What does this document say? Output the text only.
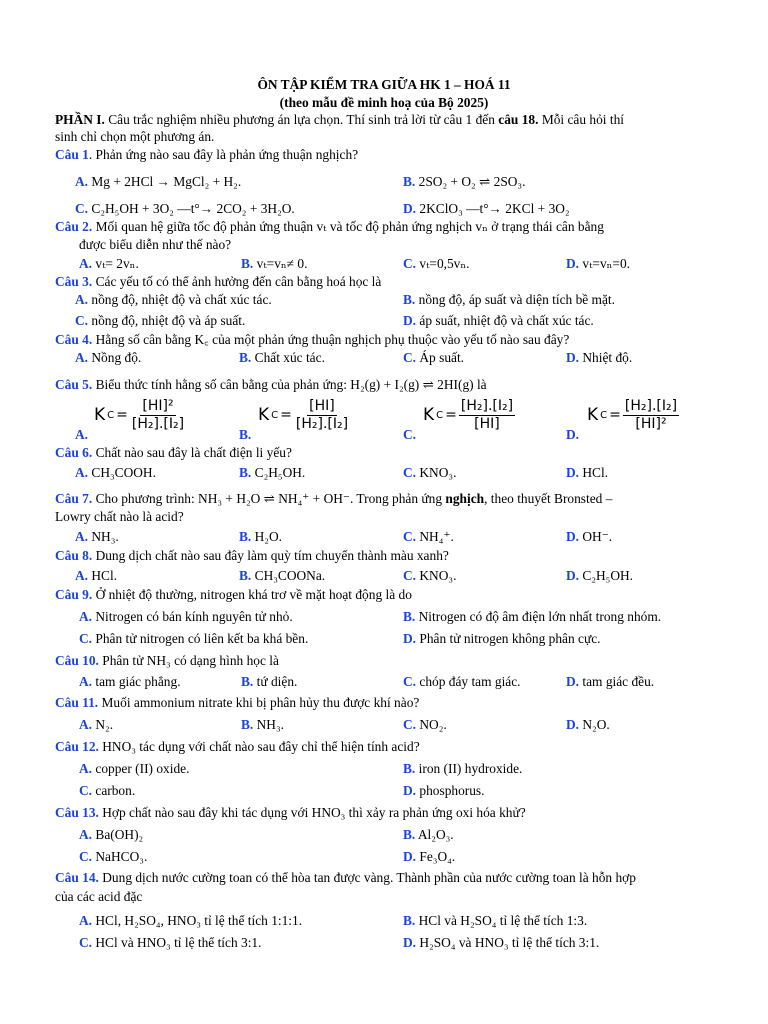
ÔN TẬP KIỂM TRA GIỮA HK 1 – HOÁ 11
(theo mẫu đề minh hoạ của Bộ 2025)
PHẦN I. Câu trắc nghiệm nhiều phương án lựa chọn. Thí sinh trả lời từ câu 1 đến câu 18. Mỗi câu hỏi thí
sinh chỉ chọn một phương án.
Câu 1. Phản ứng nào sau đây là phản ứng thuận nghịch?
A. Mg + 2HCl → MgCl₂ + H₂.	B. 2SO₂ + O₂ ⇌ 2SO₃.
C. C₂H₅OH + 3O₂ —t°→ 2CO₂ + 3H₂O.	D. 2KClO₃ —t°→ 2KCl + 3O₂
Câu 2. Mối quan hệ giữa tốc độ phản ứng thuận vₜ và tốc độ phản ứng nghịch vₙ ở trạng thái cân bằng
được biểu diễn như thế nào?
A. vₜ= 2vₙ.	B. vₜ=vₙ≠ 0.	C. vₜ=0,5vₙ.	D. vₜ=vₙ=0.
Câu 3. Các yếu tố có thể ảnh hưởng đến cân bằng hoá học là
A. nồng độ, nhiệt độ và chất xúc tác.	B. nồng độ, áp suất và diện tích bề mặt.
C. nồng độ, nhiệt độ và áp suất.	D. áp suất, nhiệt độ và chất xúc tác.
Câu 4. Hằng số cân bằng K꜀ của một phản ứng thuận nghịch phụ thuộc vào yếu tố nào sau đây?
A. Nồng độ.	B. Chất xúc tác.	C. Áp suất.	D. Nhiệt độ.
Câu 5. Biểu thức tính hằng số cân bằng của phản ứng: H₂(g) + I₂(g) ⇌ 2HI(g) là
A.
K $C = \frac{\text{[HI]²}}{\text{[H₂].[I₂]}}$
B.
K $C = \frac{[HI]}{\text{[H₂].[I₂]}}$
C.
K $C = \frac{\text{[H₂].[I₂]}}{[HI]}$
D.
K $C = \frac{\text{[H₂].[I₂]}}{\text{[HI]²}}$
Câu 6. Chất nào sau đây là chất điện li yếu?
A. CH₃COOH.	B. C₂H₅OH.	C. KNO₃.	D. HCl.
Câu 7. Cho phương trình: NH₃ + H₂O ⇌ NH₄⁺ + OH⁻. Trong phản ứng nghịch, theo thuyết Bronsted –
Lowry chất nào là acid?
A. NH₃.	B. H₂O.	C. NH₄⁺.	D. OH⁻.
Câu 8. Dung dịch chất nào sau đây làm quỳ tím chuyển thành màu xanh?
A. HCl.	B. CH₃COONa.	C. KNO₃.	D. C₂H₅OH.
Câu 9. Ở nhiệt độ thường, nitrogen khá trơ về mặt hoạt động là do
A. Nitrogen có bán kính nguyên tử nhỏ.	B. Nitrogen có độ âm điện lớn nhất trong nhóm.
C. Phân tử nitrogen có liên kết ba khá bền.	D. Phân tử nitrogen không phân cực.
Câu 10. Phân tử NH₃ có dạng hình học là
A. tam giác phẳng.	B. tứ diện.	C. chóp đáy tam giác.	D. tam giác đều.
Câu 11. Muối ammonium nitrate khi bị phân hủy thu được khí nào?
A. N₂.	B. NH₃.	C. NO₂.	D. N₂O.
Câu 12. HNO₃ tác dụng với chất nào sau đây chỉ thể hiện tính acid?
A. copper (II) oxide.	B. iron (II) hydroxide.
C. carbon.	D. phosphorus.
Câu 13. Hợp chất nào sau đây khi tác dụng với HNO₃ thì xảy ra phản ứng oxi hóa khử?
A. Ba(OH)₂	B. Al₂O₃.
C. NaHCO₃.	D. Fe₃O₄.
Câu 14. Dung dịch nước cường toan có thể hòa tan được vàng. Thành phần của nước cường toan là hỗn hợp
của các acid đặc
A. HCl, H₂SO₄, HNO₃ tỉ lệ thể tích 1:1:1.	B. HCl và H₂SO₄ tỉ lệ thể tích 1:3.
C. HCl và HNO₃ tỉ lệ thể tích 3:1.	D. H₂SO₄ và HNO₃ tỉ lệ thể tích 3:1.
